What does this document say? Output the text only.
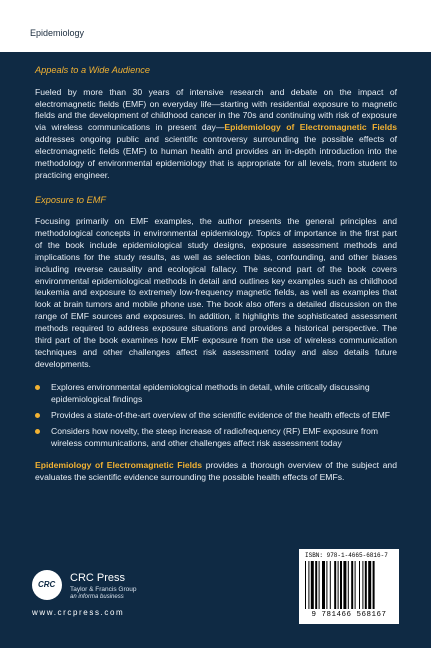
Epidemiology
Appeals to a Wide Audience

Fueled by more than 30 years of intensive research and debate on the impact of electromagnetic fields (EMF) on everyday life—starting with residential exposure to magnetic fields and the development of childhood cancer in the 70s and continuing with risk of exposure via wireless communications in present day—Epidemiology of Electromagnetic Fields addresses ongoing public and scientific controversy surrounding the possible effects of electromagnetic fields (EMF) to human health and provides an in-depth introduction into the methodology of environmental epidemiology that is appropriate for all levels, from student to practicing engineer.

Exposure to EMF

Focusing primarily on EMF examples, the author presents the general principles and methodological concepts in environmental epidemiology. Topics of importance in the first part of the book include epidemiological study designs, exposure assessment methods and implications for the study results, as well as selection bias, confounding, and other biases including reverse causality and ecological fallacy. The second part of the book covers environmental epidemiological methods in detail and outlines key examples such as childhood leukemia and exposure to extremely low-frequency magnetic fields, as well as examples that look at brain tumors and mobile phone use. The book also offers a detailed discussion on the range of EMF sources and exposures. In addition, it highlights the sophisticated assessment methods required to address exposure situations and provides a historical perspective. The third part of the book examines how EMF exposure from the use of wireless communication techniques and other challenges affect risk assessment today and also details future developments.

Explores environmental epidemiological methods in detail, while critically discussing epidemiological findings
Provides a state-of-the-art overview of the scientific evidence of the health effects of EMF
Considers how novelty, the steep increase of radiofrequency (RF) EMF exposure from wireless communications, and other challenges affect risk assessment today

Epidemiology of Electromagnetic Fields provides a thorough overview of the subject and evaluates the scientific evidence surrounding the possible health effects of EMFs.

CRC
CRC Press
Taylor & Francis Group
an informa business
www.crcpress.com
ISBN: 978-1-4665-6816-7
9 781466 568167
